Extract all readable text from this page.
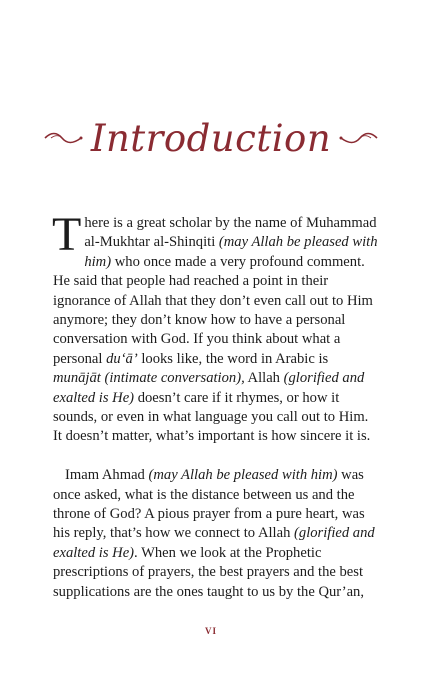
Introduction

There is a great scholar by the name of Muhammad al-Mukhtar al-Shinqiti (may Allah be pleased with him) who once made a very profound comment. He said that people had reached a point in their ignorance of Allah that they don’t even call out to Him anymore; they don’t know how to have a personal conversation with God. If you think about what a personal du‘ā’ looks like, the word in Arabic is munājāt (intimate conversation), Allah (glorified and exalted is He) doesn’t care if it rhymes, or how it sounds, or even in what language you call out to Him. It doesn’t matter, what’s important is how sincere it is.

Imam Ahmad (may Allah be pleased with him) was once asked, what is the distance between us and the throne of God? A pious prayer from a pure heart, was his reply, that’s how we connect to Allah (glorified and exalted is He). When we look at the Prophetic prescriptions of prayers, the best prayers and the best supplications are the ones taught to us by the Qur’an,

VI
